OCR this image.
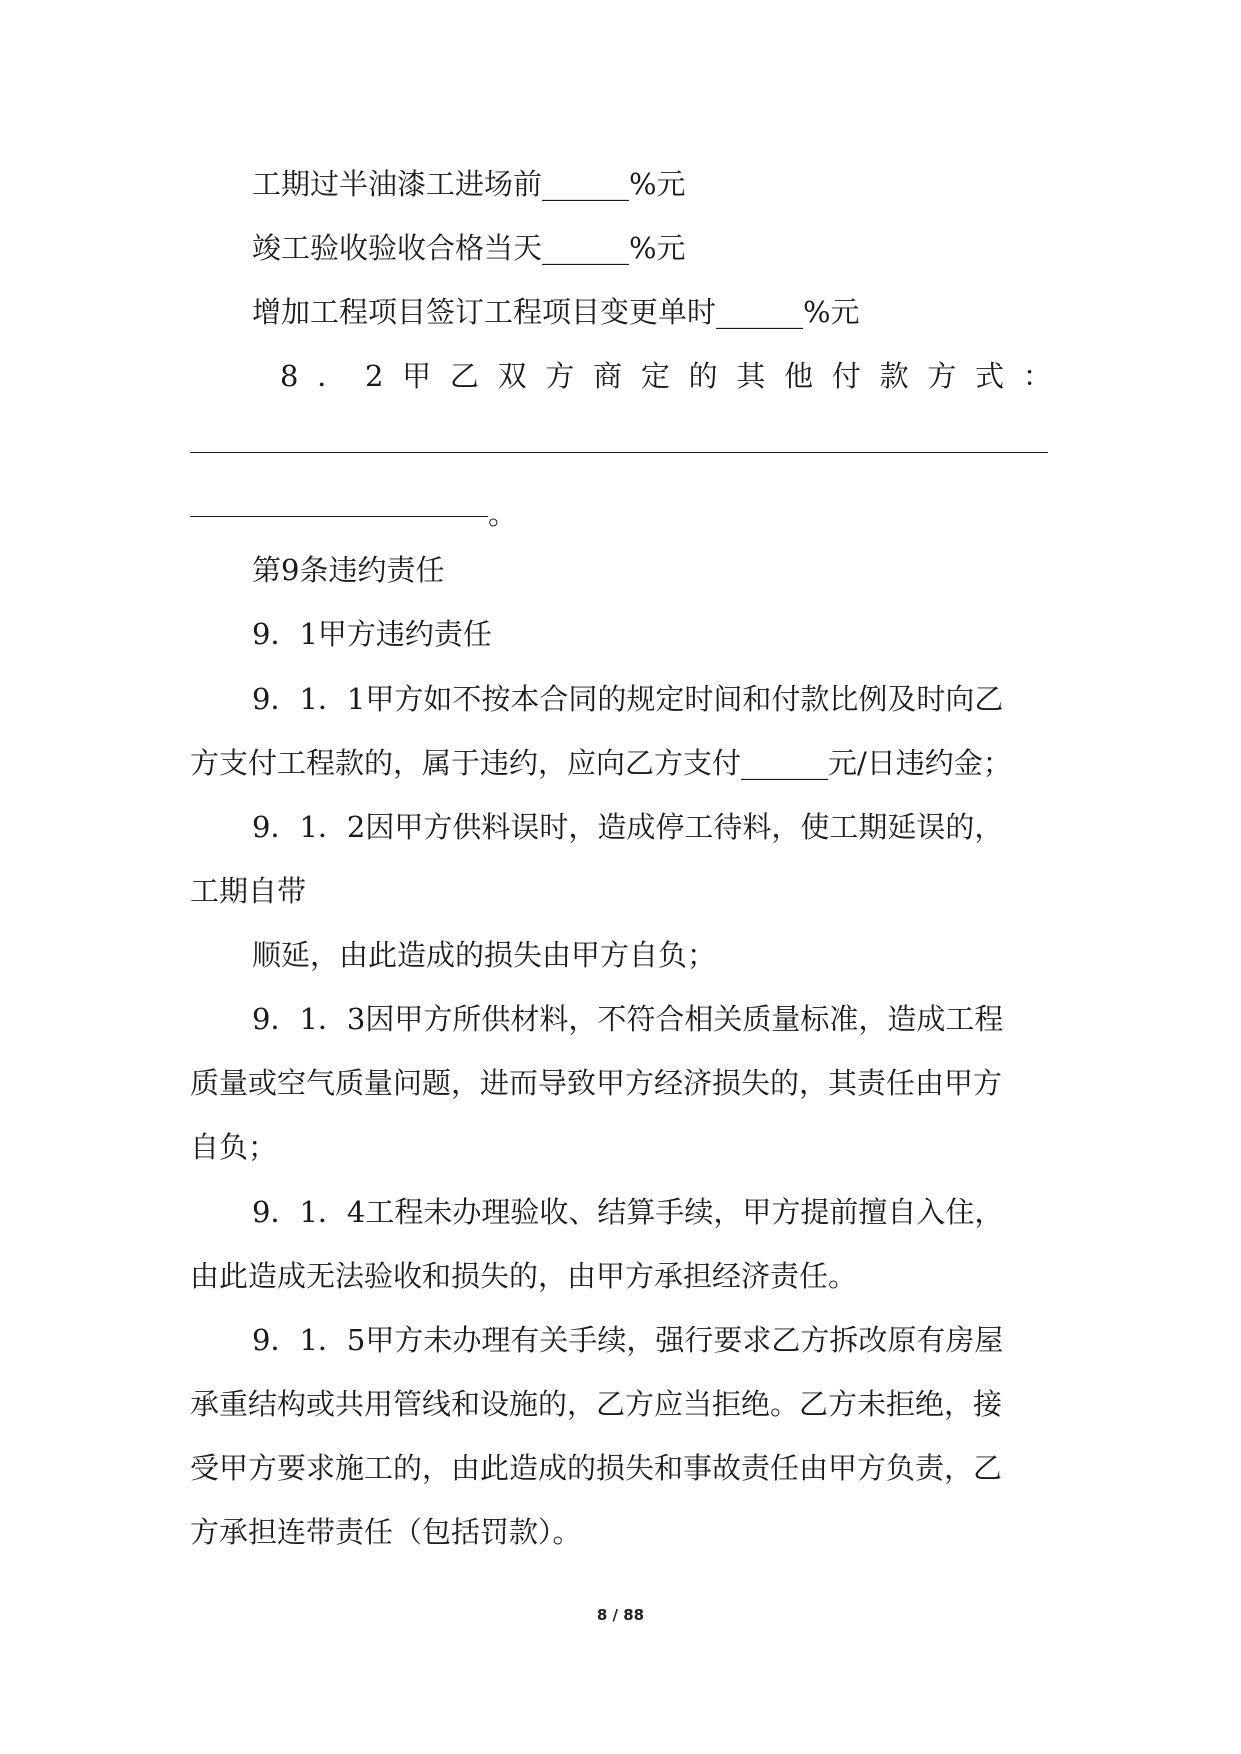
工期过半油漆工进场前______%元
竣工验收验收合格当天______%元
增加工程项目签订工程项目变更单时______%元
8 ． 2 甲 乙 双 方 商 定 的 其 他 付 款 方 式 ：
。
第9条违约责任
9．1甲方违约责任
9．1．1甲方如不按本合同的规定时间和付款比例及时向乙
方支付工程款的，属于违约，应向乙方支付______元/日违约金；
9．1．2因甲方供料误时，造成停工待料，使工期延误的，
工期自带
顺延，由此造成的损失由甲方自负；
9．1．3因甲方所供材料，不符合相关质量标准，造成工程
质量或空气质量问题，进而导致甲方经济损失的，其责任由甲方
自负；
9．1．4工程未办理验收、结算手续，甲方提前擅自入住，
由此造成无法验收和损失的，由甲方承担经济责任。
9．1．5甲方未办理有关手续，强行要求乙方拆改原有房屋
承重结构或共用管线和设施的，乙方应当拒绝。乙方未拒绝，接
受甲方要求施工的，由此造成的损失和事故责任由甲方负责，乙
方承担连带责任（包括罚款）。
8 / 88
